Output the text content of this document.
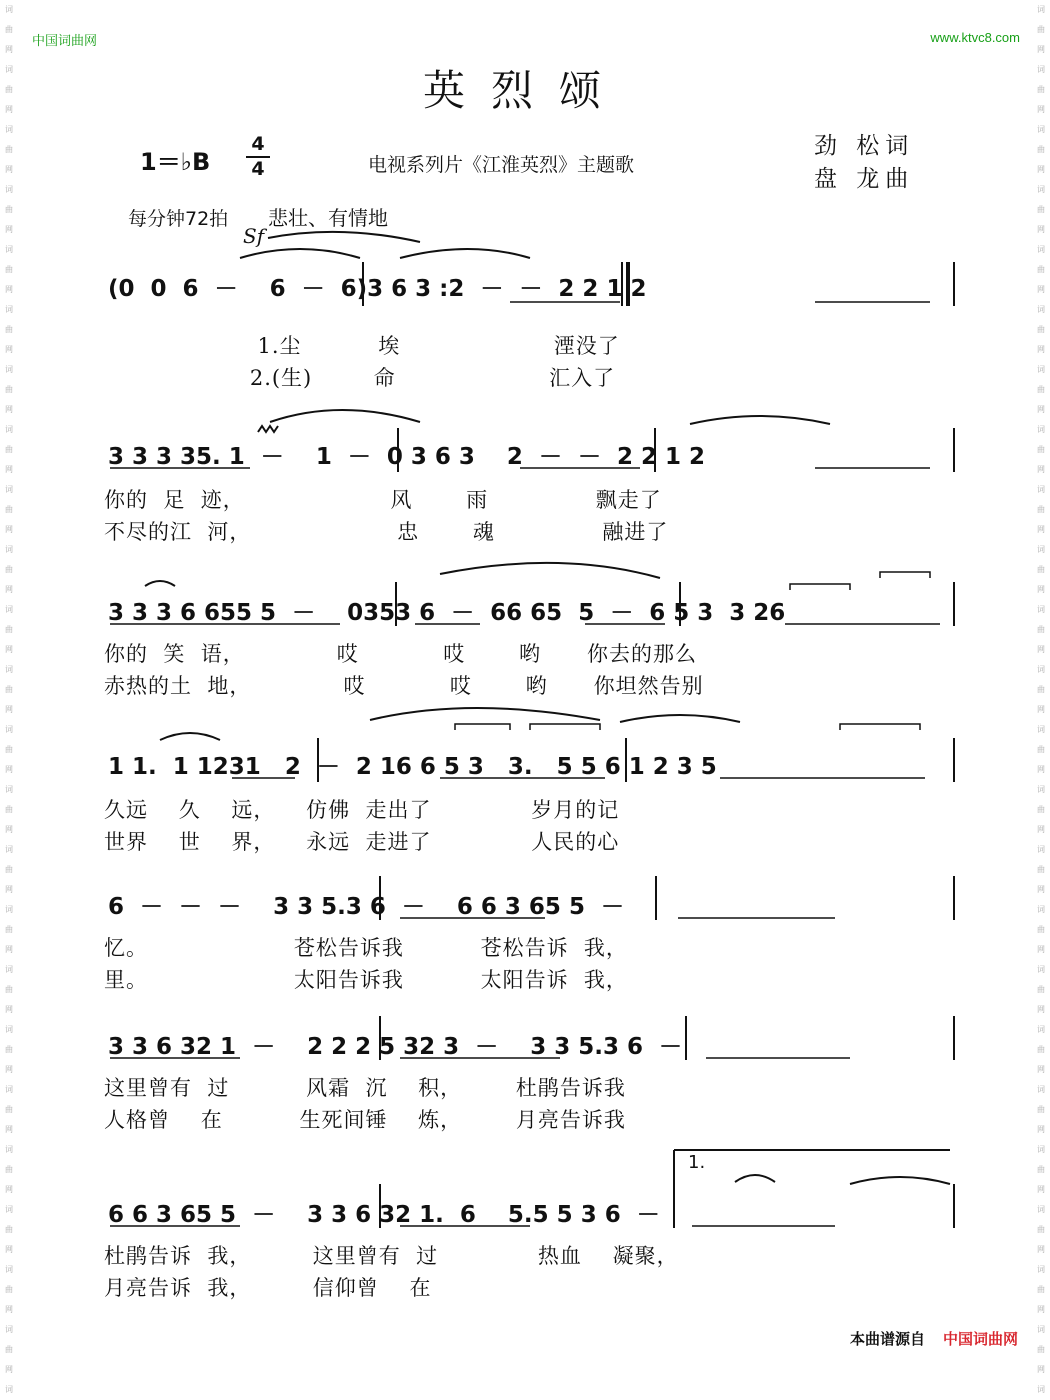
词
曲
网
词
曲
网
词
曲
网
词
曲
网
词
曲
网
词
曲
网
词
曲
网
词
曲
网
词
曲
网
词
曲
网
词
曲
网
词
曲
网
词
曲
网
词
曲
网
词
曲
网
词
曲
网
词
曲
网
词
曲
网
词
曲
网
词
曲
网
词
曲
网
词
曲
网
词
曲
网
词
词
曲
网
词
曲
网
词
曲
网
词
曲
网
词
曲
网
词
曲
网
词
曲
网
词
曲
网
词
曲
网
词
曲
网
词
曲
网
词
曲
网
词
曲
网
词
曲
网
词
曲
网
词
曲
网
词
曲
网
词
曲
网
词
曲
网
词
曲
网
词
曲
网
词
曲
网
词
曲
网
词
中国词曲网	www.ktvc8.com
英烈颂
1＝♭B
4
4	电视系列片《江淮英烈》主题歌
劲 松词
盘 龙曲
每分钟72拍 悲壮、有情地
Sf
(0  0  6  －    6  －  6)3 6 3 :2  －  －  2 2 1 2
1.尘          埃                    湮没了
2.(生)        命                    汇入了
3 3 3 35. 1  －    1  －  0 3 6 3    2  －  －  2 2 1 2
你的  足  迹，                   风       雨              飘走了
不尽的江  河，                   忠       魂              融进了
3 3 3 6 655 5  －    0353 6  －  66 65  5  －  6 5 3  3 26
你的  笑  语，            哎           哎       哟      你去的那么
赤热的土  地，            哎           哎       哟      你坦然告别
1 1.  1 1231   2  －  2 16 6 5 3   3.   5 5 6 1 2 3 5
久远    久    远，    仿佛  走出了             岁月的记
世界    世    界，    永远  走进了             人民的心
6  －  －  －    3 3 5.3 6  －    6 6 3 65 5  －
忆。                   苍松告诉我          苍松告诉  我，
里。                   太阳告诉我          太阳告诉  我，
3 3 6 32 1  －    2 2 2 5 32 3  －    3 3 5.3 6  －
这里曾有  过          风霜  沉    积，       杜鹃告诉我
人格曾    在          生死间锤    炼，       月亮告诉我
6 6 3 65 5  －    3 3 6 32 1.  6    5.5 5 3 6  －
杜鹃告诉  我，        这里曾有  过             热血    凝聚，
月亮告诉  我，        信仰曾    在
1.
本曲谱源自 中国词曲网
